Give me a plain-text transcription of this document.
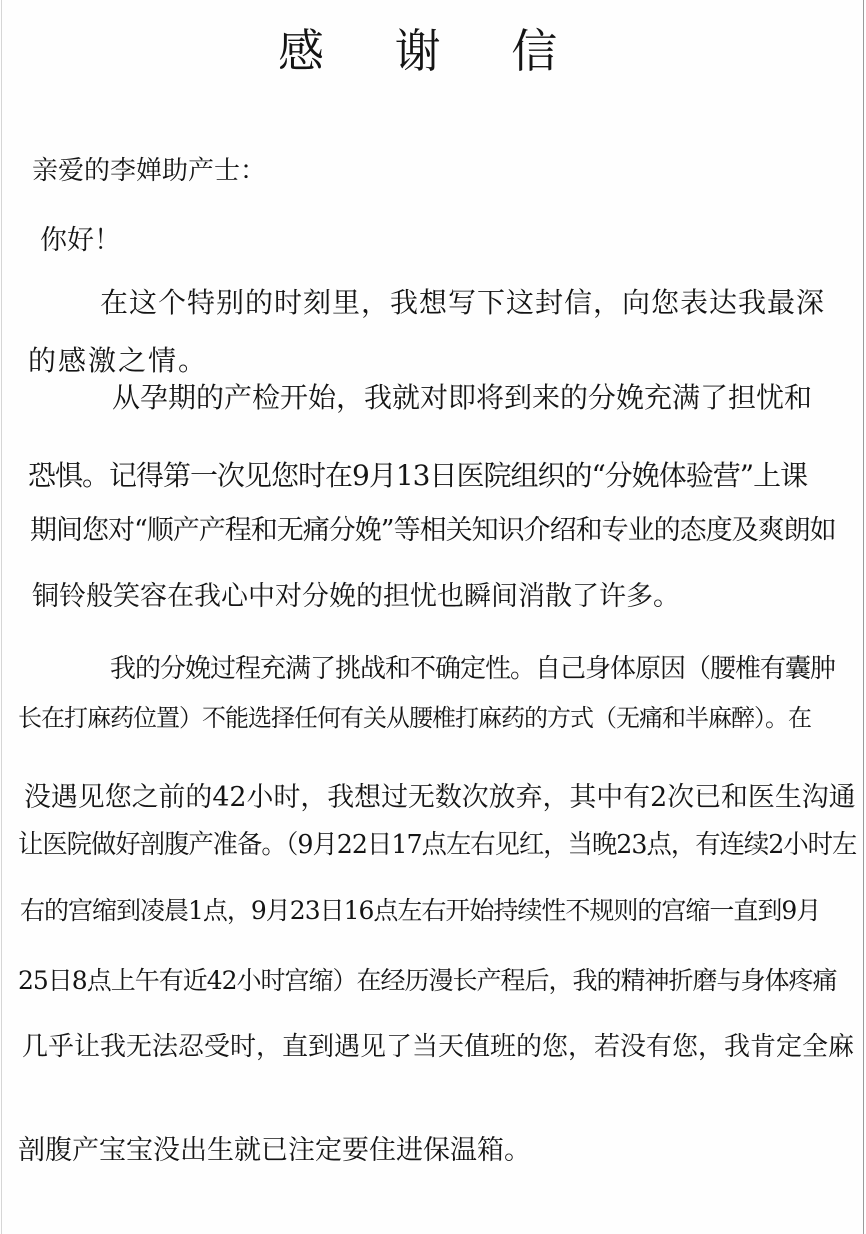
感 谢 信
亲爱的李婵助产士：
你好！
在这个特别的时刻里，我想写下这封信，向您表达我最深
的感激之情。
从孕期的产检开始，我就对即将到来的分娩充满了担忧和
恐惧。记得第一次见您时在9月13日医院组织的“分娩体验营”上课
期间您对“顺产产程和无痛分娩”等相关知识介绍和专业的态度及爽朗如
铜铃般笑容在我心中对分娩的担忧也瞬间消散了许多。
我的分娩过程充满了挑战和不确定性。自己身体原因（腰椎有囊肿
长在打麻药位置）不能选择任何有关从腰椎打麻药的方式（无痛和半麻醉）。在
没遇见您之前的42小时，我想过无数次放弃，其中有2次已和医生沟通
让医院做好剖腹产准备。（9月22日17点左右见红，当晚23点，有连续2小时左
右的宫缩到凌晨1点，9月23日16点左右开始持续性不规则的宫缩一直到9月
25日8点上午有近42小时宫缩）在经历漫长产程后，我的精神折磨与身体疼痛
几乎让我无法忍受时，直到遇见了当天值班的您，若没有您，我肯定全麻
剖腹产宝宝没出生就已注定要住进保温箱。
